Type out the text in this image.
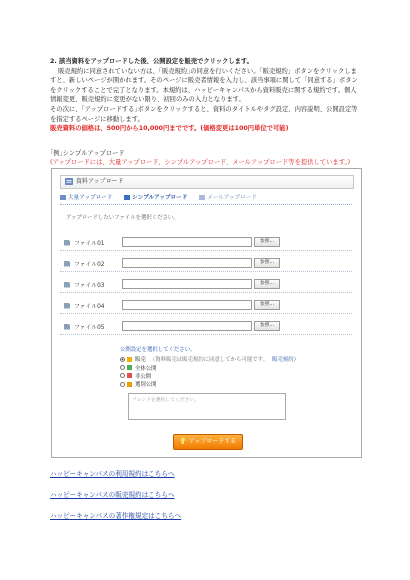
2. 該当資料をアップロードした後、公開設定を販売でクリックします。

販売規約に同意されていない方は、｢販売規約｣の同意を行いください。「販売規約」ボタンをクリックしますと、新しいページが開かれます。そのページに販売者情報を入力し、該当事項に関して「同意する」ボタンをクリックすることで完了となります。本規約は、ハッピーキャンパスから資料販売に関する規約です。個人情報変更、販売規約に変更がない限り、初回のみの入力となります。

その次に、｢アップロードする｣ボタンをクリックすると、資料のタイトルやタグ設定、内容説明、公開設定等を指定するページに移動します。

販売資料の価格は、500円から10,000円までです。(価格変更は100円単位で可能)
｢例｣シンプルアップロード
(アップロードには、大量アップロード、シンプルアップロード、メールアップロード等を提供しています。)
資料アップロード
大量アップロード
	シンプルアップロード
	メールアップロード
アップロードしたいファイルを選択ください。
ファイル01	参照...
ファイル02	参照...
ファイル03	参照...
ファイル04	参照...
ファイル05	参照...
公開設定を選択してください。
販売 （資料販売は販売規約に同意してから可能です。 販売規約 ）
全体公開
非公開
選別公開
フレンドを選択してください。
アップロードする
ハッピーキャンパスの利用規約はこちらへ
ハッピーキャンパスの販売規約はこちらへ
ハッピーキャンパスの著作権規定はこちらへ
